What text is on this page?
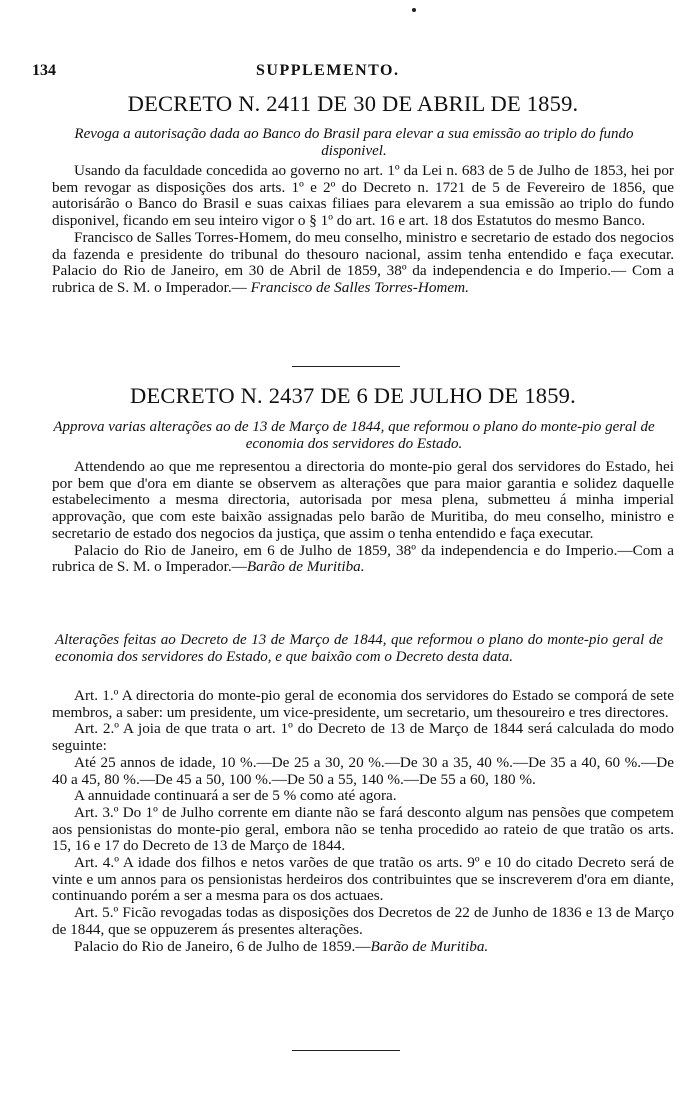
134	SUPPLEMENTO.
DECRETO N. 2411 DE 30 DE ABRIL DE 1859.
Revoga a autorisação dada ao Banco do Brasil para elevar a sua emissão ao triplo do fundo disponivel.

Usando da faculdade concedida ao governo no art. 1º da Lei n. 683 de 5 de Julho de 1853, hei por bem revogar as disposições dos arts. 1º e 2º do Decreto n. 1721 de 5 de Fevereiro de 1856, que autorisárão o Banco do Brasil e suas caixas filiaes para elevarem a sua emissão ao triplo do fundo disponivel, ficando em seu inteiro vigor o § 1º do art. 16 e art. 18 dos Estatutos do mesmo Banco.

Francisco de Salles Torres-Homem, do meu conselho, ministro e secretario de estado dos negocios da fazenda e presidente do tribunal do thesouro nacional, assim tenha entendido e faça executar. Palacio do Rio de Janeiro, em 30 de Abril de 1859, 38º da independencia e do Imperio.— Com a rubrica de S. M. o Imperador.— Francisco de Salles Torres-Homem.

DECRETO N. 2437 DE 6 DE JULHO DE 1859.
Approva varias alterações ao de 13 de Março de 1844, que reformou o plano do monte-pio geral de economia dos servidores do Estado.

Attendendo ao que me representou a directoria do monte-pio geral dos servidores do Estado, hei por bem que d'ora em diante se observem as alterações que para maior garantia e solidez daquelle estabelecimento a mesma directoria, autorisada por mesa plena, submetteu á minha imperial approvação, que com este baixão assignadas pelo barão de Muritiba, do meu conselho, ministro e secretario de estado dos negocios da justiça, que assim o tenha entendido e faça executar.

Palacio do Rio de Janeiro, em 6 de Julho de 1859, 38º da independencia e do Imperio.—Com a rubrica de S. M. o Imperador.—Barão de Muritiba.

Alterações feitas ao Decreto de 13 de Março de 1844, que reformou o plano do monte-pio geral de economia dos servidores do Estado, e que baixão com o Decreto desta data.

Art. 1.º A directoria do monte-pio geral de economia dos servidores do Estado se comporá de sete membros, a saber: um presidente, um vice-presidente, um secretario, um thesoureiro e tres directores.

Art. 2.º A joia de que trata o art. 1º do Decreto de 13 de Março de 1844 será calculada do modo seguinte:

Até 25 annos de idade, 10 %.—De 25 a 30, 20 %.—De 30 a 35, 40 %.—De 35 a 40, 60 %.—De 40 a 45, 80 %.—De 45 a 50, 100 %.—De 50 a 55, 140 %.—De 55 a 60, 180 %.

A annuidade continuará a ser de 5 % como até agora.

Art. 3.º Do 1º de Julho corrente em diante não se fará desconto algum nas pensões que competem aos pensionistas do monte-pio geral, embora não se tenha procedido ao rateio de que tratão os arts. 15, 16 e 17 do Decreto de 13 de Março de 1844.

Art. 4.º A idade dos filhos e netos varões de que tratão os arts. 9º e 10 do citado Decreto será de vinte e um annos para os pensionistas herdeiros dos contribuintes que se inscreverem d'ora em diante, continuando porém a ser a mesma para os dos actuaes.

Art. 5.º Ficão revogadas todas as disposições dos Decretos de 22 de Junho de 1836 e 13 de Março de 1844, que se oppuzerem ás presentes alterações.

Palacio do Rio de Janeiro, 6 de Julho de 1859.—Barão de Muritiba.
